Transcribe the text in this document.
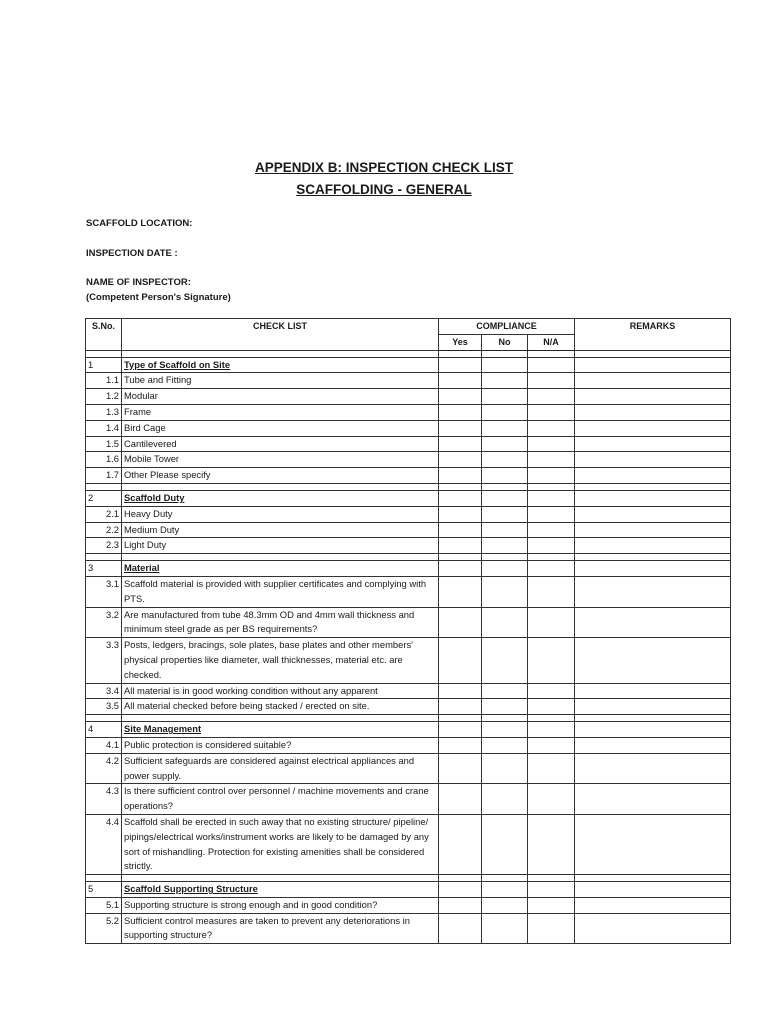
APPENDIX B: INSPECTION CHECK LIST
SCAFFOLDING - GENERAL
SCAFFOLD LOCATION:
INSPECTION DATE :
NAME OF INSPECTOR:
(Competent Person's Signature)
S.No.	CHECK LIST	COMPLIANCE			REMARKS
		Yes	No	N/A	

1	Type of Scaffold on Site				
1.1	Tube and Fitting				
1.2	Modular				
1.3	Frame				
1.4	Bird Cage				
1.5	Cantilevered				
1.6	Mobile Tower				
1.7	Other Please specify				

2	Scaffold Duty				
2.1	Heavy Duty				
2.2	Medium Duty				
2.3	Light Duty				

3	Material				
3.1	Scaffold material is provided with supplier certificates and complying with PTS.				
3.2	Are manufactured from tube 48.3mm OD and 4mm wall thickness and minimum steel grade as per BS requirements?				
3.3	Posts, ledgers, bracings, sole plates, base plates and other members' physical properties like diameter, wall thicknesses, material etc. are checked.				
3.4	All material is in good working condition without any apparent				
3.5	All material checked before being stacked / erected on site.				

4	Site Management				
4.1	Public protection is considered suitable?				
4.2	Sufficient safeguards are considered against electrical appliances and power supply.				
4.3	Is there sufficient control over personnel / machine movements and crane operations?				
4.4	Scaffold shall be erected in such away that no existing structure/ pipeline/ pipings/electrical works/instrument works are likely to be damaged by any sort of mishandling. Protection for existing amenities shall be considered strictly.				

5	Scaffold Supporting Structure				
5.1	Supporting structure is strong enough and in good condition?				
5.2	Sufficient control measures are taken to prevent any deteriorations in supporting structure?				
